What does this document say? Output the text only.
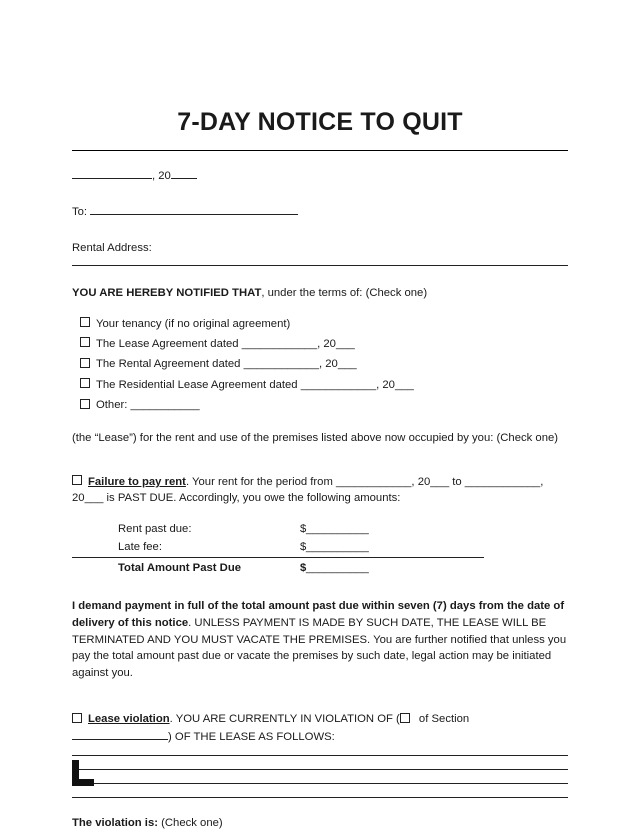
7-DAY NOTICE TO QUIT
, 20
To:
Rental Address:
YOU ARE HEREBY NOTIFIED THAT, under the terms of: (Check one)
Your tenancy (if no original agreement)
The Lease Agreement dated ____________, 20___
The Rental Agreement dated ____________, 20___
The Residential Lease Agreement dated ____________, 20___
Other: ___________
(the “Lease”) for the rent and use of the premises listed above now occupied by you: (Check one)
Failure to pay rent. Your rent for the period from ____________, 20___ to ____________, 20___ is PAST DUE. Accordingly, you owe the following amounts:
Rent past due:	$ __________
Late fee:	$ __________
Total Amount Past Due	$ __________
I demand payment in full of the total amount past due within seven (7) days from the date of delivery of this notice. UNLESS PAYMENT IS MADE BY SUCH DATE, THE LEASE WILL BE TERMINATED AND YOU MUST VACATE THE PREMISES. You are further notified that unless you pay the total amount past due or vacate the premises by such date, legal action may be initiated against you.
Lease violation. YOU ARE CURRENTLY IN VIOLATION OF ( of Section ) OF THE LEASE AS FOLLOWS:
The violation is: (Check one)
